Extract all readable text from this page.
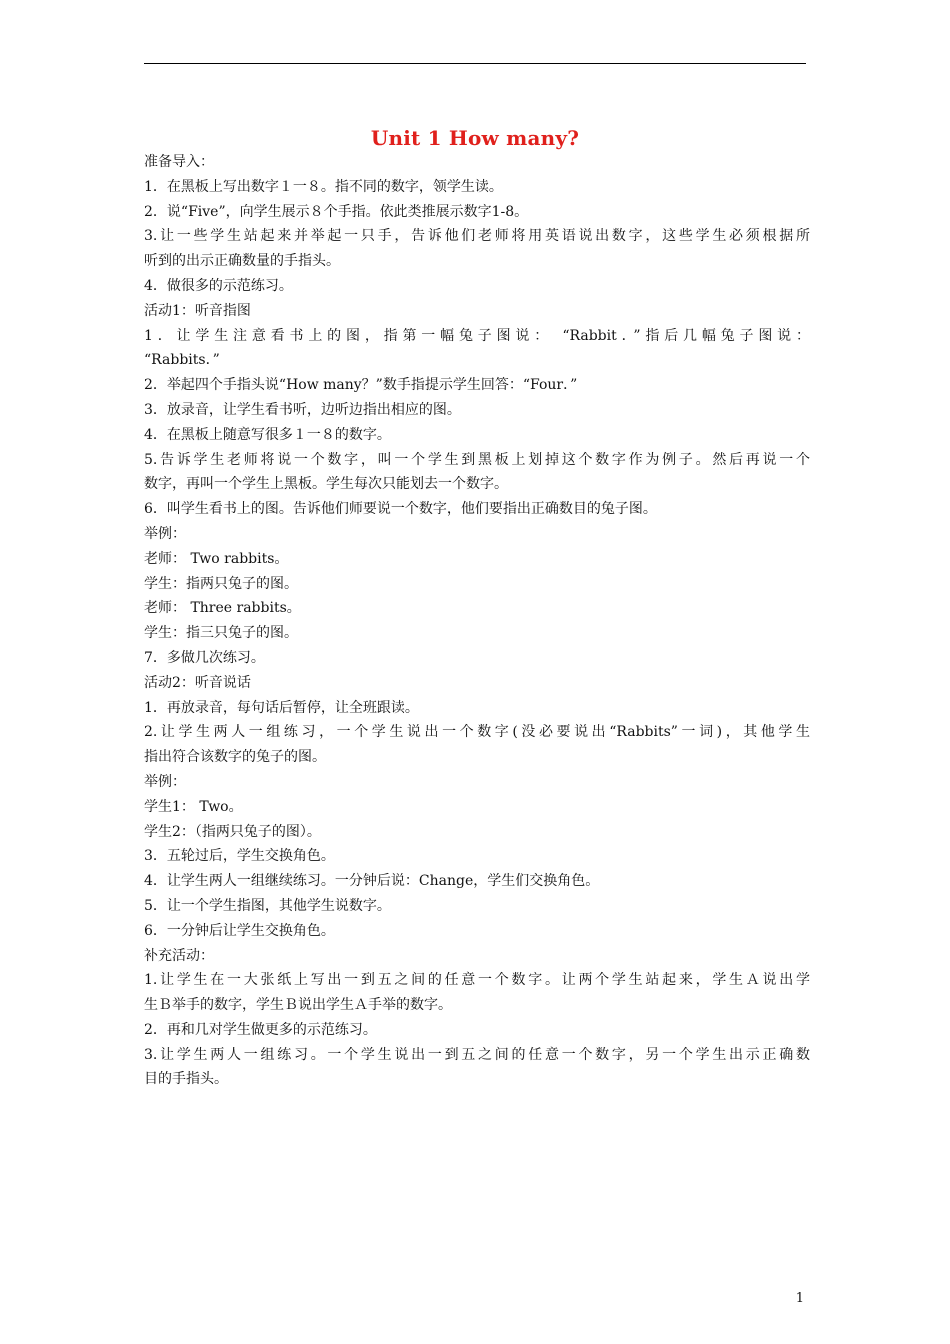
Unit 1 How many?
准备导入：
1．在黑板上写出数字１一８。指不同的数字，领学生读。
2．说“Five”，向学生展示８个手指。依此类推展示数字1-8。
3.让一些学生站起来并举起一只手，告诉他们老师将用英语说出数字，这些学生必须根据所
听到的出示正确数量的手指头。
4．做很多的示范练习。
活动1：听音指图
1．让学生注意看书上的图，指第一幅兔子图说： “Rabbit．”指后几幅兔子图说：
“Rabbits．”
2．举起四个手指头说“How many？”数手指提示学生回答：“Four．”
3．放录音，让学生看书听，边听边指出相应的图。
4．在黑板上随意写很多１一８的数字。
5.告诉学生老师将说一个数字，叫一个学生到黑板上划掉这个数字作为例子。然后再说一个
数字，再叫一个学生上黑板。学生每次只能划去一个数字。
6．叫学生看书上的图。告诉他们师要说一个数字，他们要指出正确数目的兔子图。
举例：
老师： Two rabbits。
学生：指两只兔子的图。
老师： Three rabbits。
学生：指三只兔子的图。
7．多做几次练习。
活动2：听音说话
1．再放录音，每句话后暂停，让全班跟读。
2.让学生两人一组练习，一个学生说出一个数字(没必要说出“Rabbits”一词)，其他学生
指出符合该数字的兔子的图。
举例：
学生1： Two。
学生2：（指两只兔子的图）。
3．五轮过后，学生交换角色。
4．让学生两人一组继续练习。一分钟后说：Change，学生们交换角色。
5．让一个学生指图，其他学生说数字。
6．一分钟后让学生交换角色。
补充活动：
1.让学生在一大张纸上写出一到五之间的任意一个数字。让两个学生站起来，学生Ａ说出学
生Ｂ举手的数字，学生Ｂ说出学生Ａ手举的数字。
2．再和几对学生做更多的示范练习。
3.让学生两人一组练习。一个学生说出一到五之间的任意一个数字，另一个学生出示正确数
目的手指头。
1
